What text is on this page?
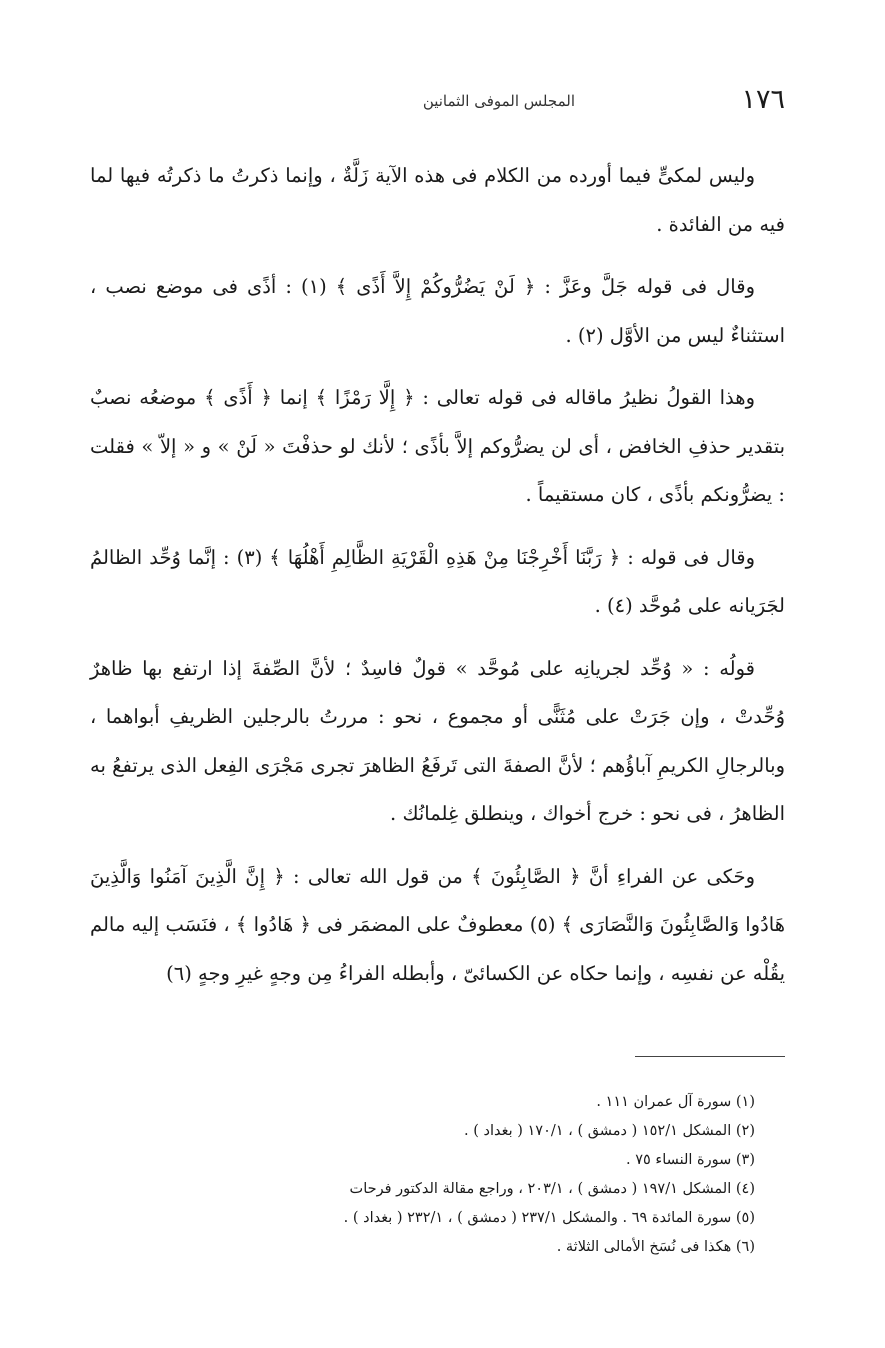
١٧٦
المجلس الموفى الثمانين

وليس لمكىٍّ فيما أورده من الكلام فى هذه الآية زَلَّةٌ ، وإنما ذكرتُ ما ذكرتُه فيها لما فيه من الفائدة .

وقال فى قوله جَلَّ وعَزَّ : ﴿ لَنْ يَضُرُّوكُمْ إِلاَّ أَذًى ﴾ (١) : أذًى فى موضع نصب ، استثناءٌ ليس من الأوَّل (٢) .

وهذا القولُ نظيرُ ماقاله فى قوله تعالى : ﴿ إِلَّا رَمْزًا ﴾ إنما ﴿ أَذًى ﴾ موضعُه نصبٌ بتقدير حذفِ الخافض ، أى لن يضرُّوكم إلاَّ بأذًى ؛ لأنك لو حذفْتَ « لَنْ » و « إلاّ » فقلت : يضرُّونكم بأذًى ، كان مستقيماً .

وقال فى قوله : ﴿ رَبَّنَا أَخْرِجْنَا مِنْ هَذِهِ الْقَرْيَةِ الظَّالِمِ أَهْلُهَا ﴾ (٣) : إنَّما وُحِّد الظالمُ لجَرَيانه على مُوحَّد (٤) .

قولُه : « وُحِّد لجريانِه على مُوحَّد » قولٌ فاسِدٌ ؛ لأنَّ الصِّفةَ إذا ارتفع بها ظاهرٌ وُحِّدتْ ، وإن جَرَتْ على مُثَنًّى أو مجموع ، نحو : مررتُ بالرجلين الظريفِ أبواهما ، وبالرجالِ الكريمِ آباؤُهم ؛ لأنَّ الصفةَ التى تَرفَعُ الظاهرَ تجرى مَجْرَى الفِعل الذى يرتفعُ به الظاهرُ ، فى نحو : خرج أخواك ، وينطلق غِلمانُك .

وحَكى عن الفراءِ أنَّ ﴿ الصَّابِئُونَ ﴾ من قول الله تعالى : ﴿ إِنَّ الَّذِينَ آمَنُوا وَالَّذِينَ هَادُوا وَالصَّابِئُونَ وَالنَّصَارَى ﴾ (٥) معطوفٌ على المضمَر فى ﴿ هَادُوا ﴾ ، فنَسَب إليه مالم يقُلْه عن نفسِه ، وإنما حكاه عن الكسائىّ ، وأبطله الفراءُ مِن وجهٍ غيرِ وجهٍ (٦)

(١) سورة آل عمران ١١١ .
(٢) المشكل ١٥٢/١ ( دمشق ) ، ١٧٠/١ ( بغداد ) .
(٣) سورة النساء ٧٥ .
(٤) المشكل ١٩٧/١ ( دمشق ) ، ٢٠٣/١ ، وراجع مقالة الدكتور فرحات
(٥) سورة المائدة ٦٩ . والمشكل ٢٣٧/١ ( دمشق ) ، ٢٣٢/١ ( بغداد ) .
(٦) هكذا فى نُسَخ الأمالى الثلاثة .
